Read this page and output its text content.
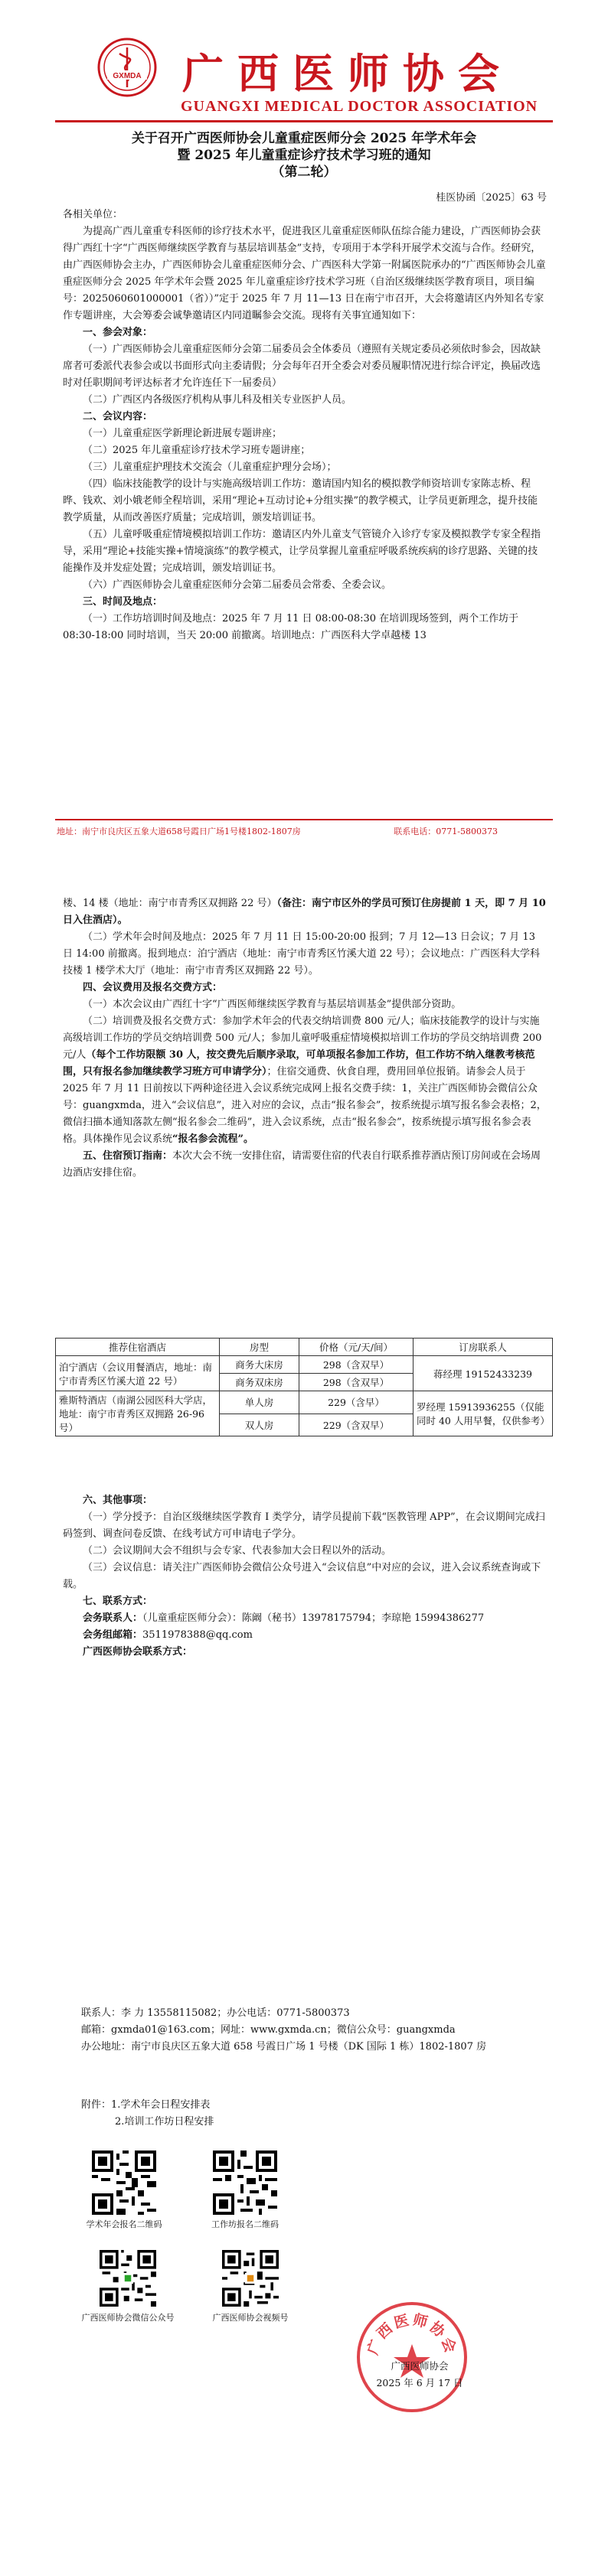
GXMDA 广西医师协会
GUANGXI MEDICAL DOCTOR ASSOCIATION
关于召开广西医师协会儿童重症医师分会 2025 年学术年会
暨 2025 年儿童重症诊疗技术学习班的通知
（第二轮）

桂医协函〔2025〕63 号

各相关单位：

为提高广西儿童重专科医师的诊疗技术水平，促进我区儿童重症医师队伍综合能力建设，广西医师协会获得广西红十字“广西医师继续医学教育与基层培训基金”支持，专项用于本学科开展学术交流与合作。经研究，由广西医师协会主办，广西医师协会儿童重症医师分会、广西医科大学第一附属医院承办的“广西医师协会儿童重症医师分会 2025 年学术年会暨 2025 年儿童重症诊疗技术学习班（自治区级继续医学教育项目，项目编号：2025060601000001（省））”定于 2025 年 7 月 11—13 日在南宁市召开，大会将邀请区内外知名专家作专题讲座，大会筹委会诚挚邀请区内同道瞩参会交流。现将有关事宜通知如下：

一、参会对象：

（一）广西医师协会儿童重症医师分会第二届委员会全体委员（遵照有关规定委员必须依时参会，因故缺席者可委派代表参会或以书面形式向主委请假；分会每年召开全委会对委员履职情况进行综合评定，换届改选时对任职期间考评达标者才允许连任下一届委员）

（二）广西区内各级医疗机构从事儿科及相关专业医护人员。

二、会议内容：

（一）儿童重症医学新理论新进展专题讲座；

（二）2025 年儿童重症诊疗技术学习班专题讲座；

（三）儿童重症护理技术交流会（儿童重症护理分会场）；

（四）临床技能教学的设计与实施高级培训工作坊：邀请国内知名的模拟教学师资培训专家陈志桥、程晔、钱欢、刘小娥老师全程培训，采用“理论+互动讨论+分组实操”的教学模式，让学员更新理念，提升技能教学质量，从而改善医疗质量；完成培训，颁发培训证书。

（五）儿童呼吸重症情境模拟培训工作坊：邀请区内外儿童支气管镜介入诊疗专家及模拟教学专家全程指导，采用“理论+技能实操+情境演练”的教学模式，让学员掌握儿童重症呼吸系统疾病的诊疗思路、关键的技能操作及并发症处置；完成培训，颁发培训证书。

（六）广西医师协会儿童重症医师分会第二届委员会常委、全委会议。

三、时间及地点：

（一）工作坊培训时间及地点：2025 年 7 月 11 日 08:00-08:30 在培训现场签到，两个工作坊于 08:30-18:00 同时培训，当天 20:00 前撤离。培训地点：广西医科大学卓越楼 13

地址：南宁市良庆区五象大道658号霞日广场1号楼1802-1807房	联系电话：0771-5800373

楼、14 楼（地址：南宁市青秀区双拥路 22 号）（备注：南宁市区外的学员可预订住房提前 1 天，即 7 月 10 日入住酒店）。

（二）学术年会时间及地点：2025 年 7 月 11 日 15:00-20:00 报到；7 月 12—13 日会议；7 月 13 日 14:00 前撤离。报到地点：泊宁酒店（地址：南宁市青秀区竹溪大道 22 号）；会议地点：广西医科大学科技楼 1 楼学术大厅（地址：南宁市青秀区双拥路 22 号）。

四、会议费用及报名交费方式：

（一）本次会议由广西红十字“广西医师继续医学教育与基层培训基金”提供部分资助。

（二）培训费及报名交费方式：参加学术年会的代表交纳培训费 800 元/人；临床技能教学的设计与实施高级培训工作坊的学员交纳培训费 500 元/人；参加儿童呼吸重症情境模拟培训工作坊的学员交纳培训费 200 元/人（每个工作坊限额 30 人，按交费先后顺序录取，可单项报名参加工作坊，但工作坊不纳入继教考核范围，只有报名参加继续教学习班方可申请学分）；住宿交通费、伙食自理，费用回单位报销。请参会人员于 2025 年 7 月 11 日前按以下两种途径进入会议系统完成网上报名交费手续：1，关注广西医师协会微信公众号：guangxmda，进入“会议信息”，进入对应的会议，点击“报名参会”，按系统提示填写报名参会表格；2，微信扫描本通知落款左侧“报名参会二维码”，进入会议系统，点击“报名参会”，按系统提示填写报名参会表格。具体操作见会议系统“报名参会流程”。

五、住宿预订指南：本次大会不统一安排住宿，请需要住宿的代表自行联系推荐酒店预订房间或在会场周边酒店安排住宿。

推荐住宿酒店	房型	价格（元/天/间）	订房联系人
泊宁酒店（会议用餐酒店，地址：南宁市青秀区竹溪大道 22 号）	商务大床房	298（含双早）	蒋经理 19152433239
	商务双床房	298（含双早）	
雅斯特酒店（南湖公园医科大学店，地址：南宁市青秀区双拥路 26-96 号）	单人房	229（含早）	罗经理 15913936255（仅能同时 40 人用早餐，仅供参考）
	双人房	229（含双早）	

六、其他事项：

（一）学分授予：自治区级继续医学教育 I 类学分，请学员提前下载“医教管理 APP”，在会议期间完成扫码签到、调查问卷反馈、在线考试方可申请电子学分。

（二）会议期间大会不组织与会专家、代表参加大会日程以外的活动。

（三）会议信息：请关注广西医师协会微信公众号进入“会议信息”中对应的会议，进入会议系统查询或下载。

七、联系方式：

会务联系人：（儿童重症医师分会）：陈阚（秘书）13978175794；李琼艳 15994386277

会务组邮箱：3511978388@qq.com

广西医师协会联系方式：

联系人：李 力 13558115082；办公电话：0771-5800373

邮箱：gxmda01@163.com；网址：www.gxmda.cn；微信公众号：guangxmda

办公地址：南宁市良庆区五象大道 658 号霞日广场 1 号楼（DK 国际 1 栋）1802-1807 房

附件：1.学术年会日程安排表

2.培训工作坊日程安排

学术年会报名二维码	工作坊报名二维码
广西医师协会微信公众号	广西医师协会视频号
广西医师协会
广西医师协会
2025 年 6 月 17 日
